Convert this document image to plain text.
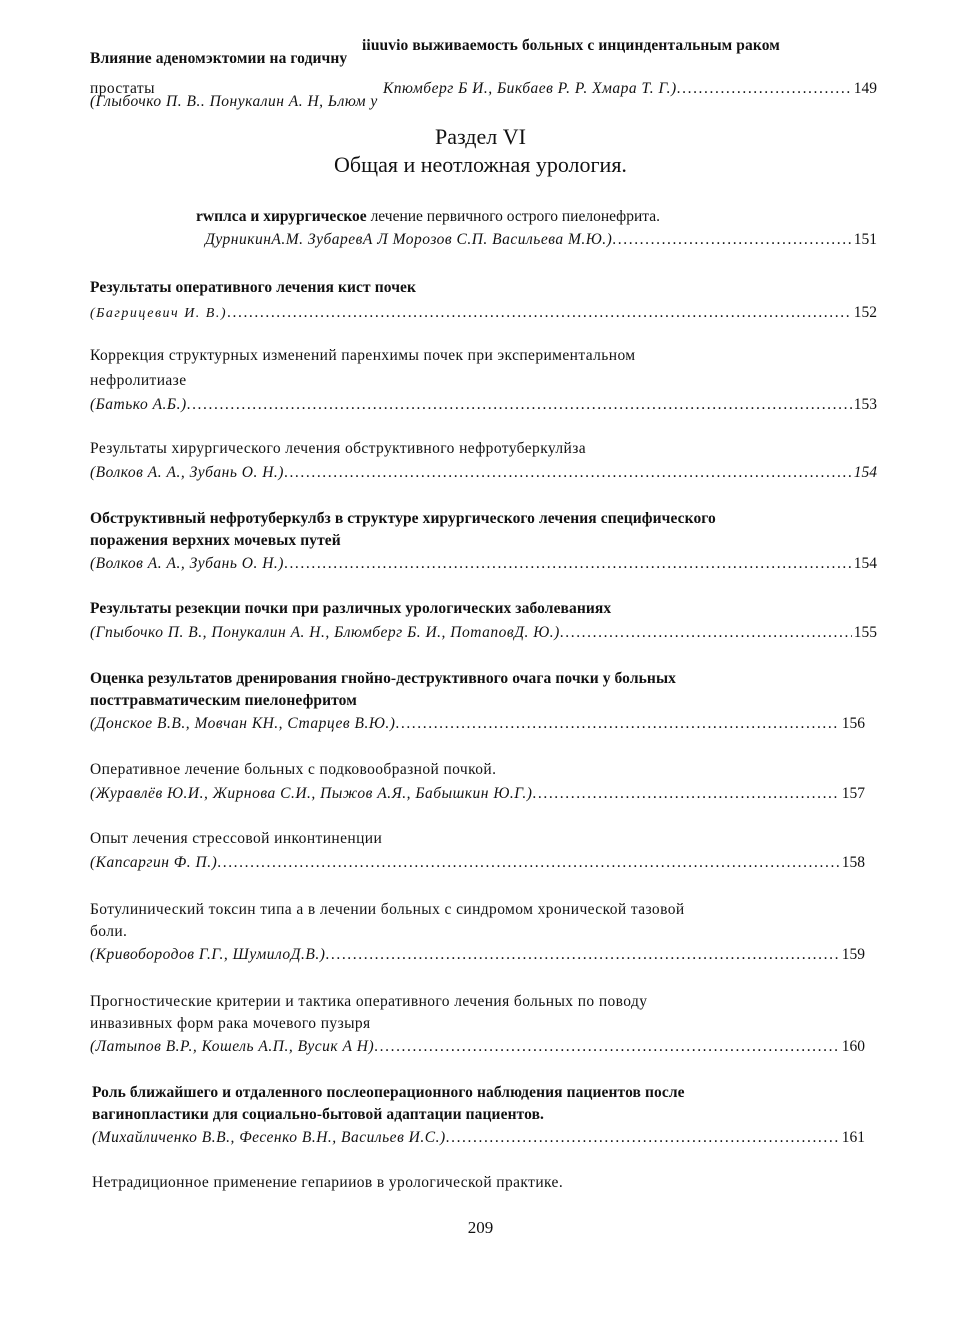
iiuuvio выживаемость больных с инциндентальным раком
Влияние аденомэктомии на годичну
простаты	Кпюмберг Б И., Бикбаев Р. Р. Хмара Т. Г.) .....	149
(Глыбочко П. В.. Понукалин А. Н, Ьлюм у
Раздел VI
Общая и неотложная урология.
rwплса и хирургическое лечение первичного острого пиелонефрита.
ДурникинА.М. ЗубаревА Л Морозов С.П. Васильева М.Ю.) .....	151
Результаты оперативного лечения кист почек
(Багрицевич И. В.) .....	152
Коррекция структурных изменений паренхимы почек при экспериментальном
нефролитиазе
(Батько А.Б.) .....	153
Результаты хирургического лечения обструктивного нефротуберкулйза
(Волков А. А., Зубань О. Н.) .....	154
Обструктивный нефротуберкулбз в структуре хирургического лечения специфического
поражения верхних мочевых путей
(Волков А. А., Зубань О. Н.) .....	154
Результаты резекции почки при различных урологических заболеваниях
(Гпыбочко П. В., Понукалин А. Н., Блюмберг Б. И., ПотаповД. Ю.) .....	155
Оценка результатов дренирования гнойно-деструктивного очага почки у больных
посттравматическим пиелонефритом
(Донское В.В., Мовчан КН., Старцев В.Ю.) .....	156
Оперативное лечение больных с подковообразной почкой.
(Журавлёв Ю.И., Жирнова С.И., Пыжов А.Я., Бабышкин Ю.Г.) .....	157
Опыт лечения стрессовой инконтиненции
(Капсаргин Ф. П.) .....	158
Ботулинический токсин типа а в лечении больных с синдромом хронической тазовой
боли.
(Кривобородов Г.Г., ШумилоД.В.) .....	159
Прогностические критерии и тактика оперативного лечения больных по поводу
инвазивных форм рака мочевого пузыря
(Латыпов В.Р., Кошель А.П., Вусик А Н) .....	160
Роль ближайшего и отдаленного послеоперационного наблюдения пациентов после
вагинопластики для социально-бытовой адаптации пациентов.
(Михайличенко В.В., Фесенко В.Н., Васильев И.С.) .....	161
Нетрадиционное применение гепарииов в урологической практике.
209
